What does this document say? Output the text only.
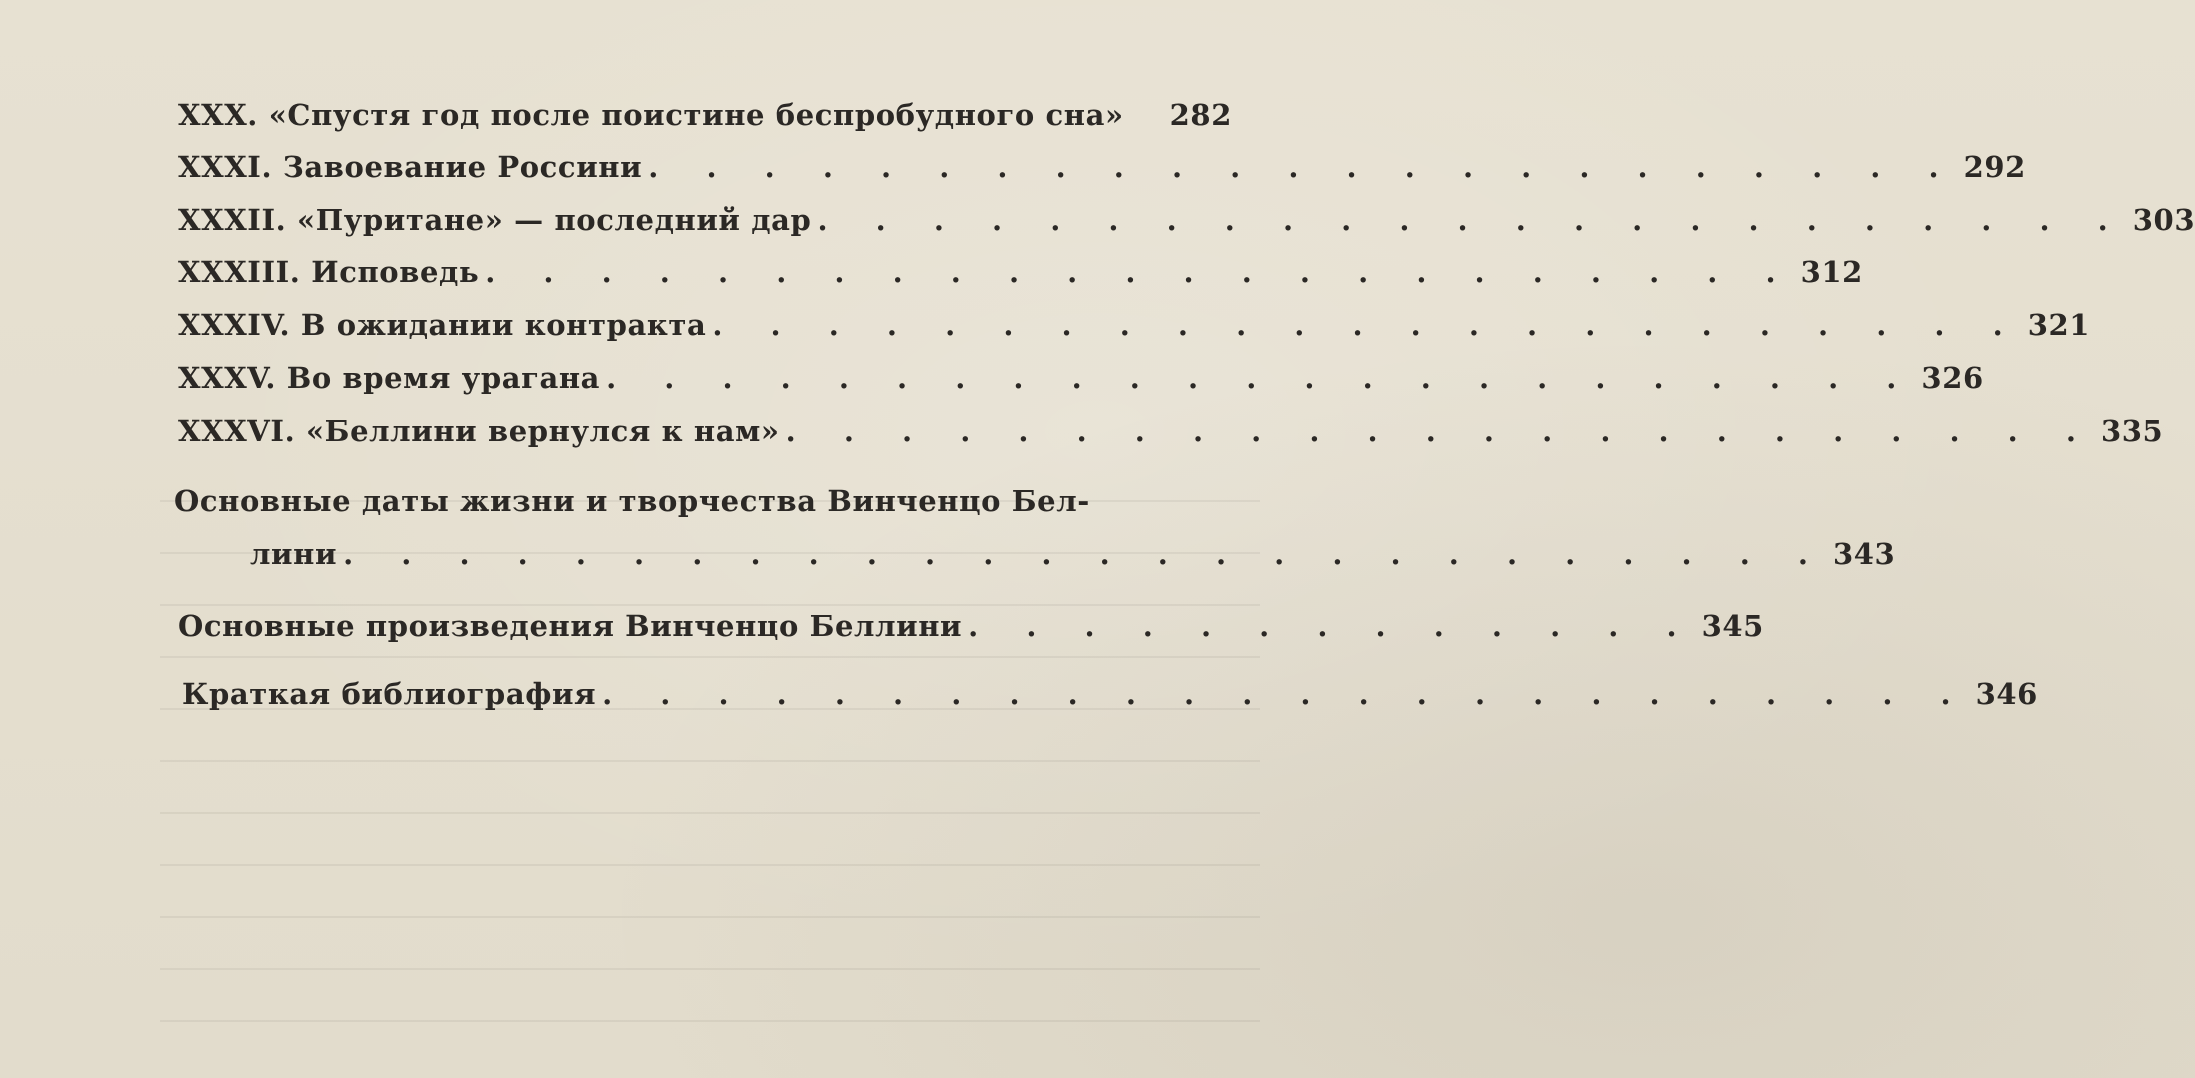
XXX. «Спустя год после поистине беспробудного сна» 282
XXXI. Завоевание Россини . . . . . . . . . . . . . . . . . . . . . . . 292
XXXII. «Пуритане» — последний дар . . . . . . . . . . . . . . . . . . . . . . . 303
XXXIII. Исповедь . . . . . . . . . . . . . . . . . . . . . . . 312
XXXIV. В ожидании контракта . . . . . . . . . . . . . . . . . . . . . . . 321
XXXV. Во время урагана . . . . . . . . . . . . . . . . . . . . . . . 326
XXXVI. «Беллини вернулся к нам» . . . . . . . . . . . . . . . . . . . . . . . 335
Основные даты жизни и творчества Винченцо Бел-
лини . . . . . . . . . . . . . . . . . . . . . . . . . . 343
Основные произведения Винченцо Беллини . . . . . . . . . . . . . 345
Краткая библиография . . . . . . . . . . . . . . . . . . . . . . . . 346
